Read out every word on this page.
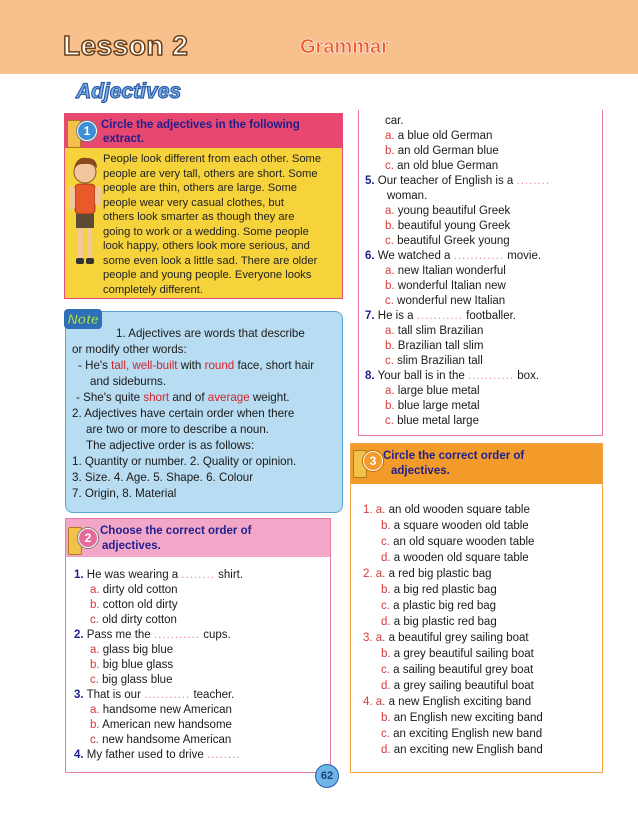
Lesson 2	Grammar
Adjectives
1 Circle the adjectives in the following
extract.
People look different from each other. Some
people are very tall, others are short. Some
people are thin, others are large. Some
people wear very casual clothes, but
others look smarter as though they are
going to work or a wedding. Some people
look happy, others look more serious, and
some even look a little sad. There are older
people and young people. Everyone looks
completely different.
Note
1. Adjectives are words that describe
or modify other words:
- He's tall, well-built with round face, short hair
and sideburns.
- She's quite short and of average weight.
2. Adjectives have certain order when there
are two or more to describe a noun.
The adjective order is as follows:
1. Quantity or number. 2. Quality or opinion.
3. Size. 4. Age. 5. Shape. 6. Colour
7. Origin, 8. Material
2 Choose the correct order of
adjectives.
1. He was wearing a ........ shirt.
a. dirty old cotton
b. cotton old dirty
c. old dirty cotton
2. Pass me the ........... cups.
a. glass big blue
b. big blue glass
c. big glass blue
3. That is our ........... teacher.
a. handsome new American
b. American new handsome
c. new handsome American
4. My father used to drive ........
car.
a. a blue old German
b. an old German blue
c. an old blue German
5. Our teacher of English is a ........
woman.
a. young beautiful Greek
b. beautiful young Greek
c. beautiful Greek young
6. We watched a ............ movie.
a. new Italian wonderful
b. wonderful Italian new
c. wonderful new Italian
7. He is a ........... footballer.
a. tall slim Brazilian
b. Brazilian tall slim
c. slim Brazilian tall
8. Your ball is in the ........... box.
a. large blue metal
b. blue large metal
c. blue metal large
3 Circle the correct order of
adjectives.
1. a. an old wooden square table
b. a square wooden old table
c. an old square wooden table
d. a wooden old square table
2. a. a red big plastic bag
b. a big red plastic bag
c. a plastic big red bag
d. a big plastic red bag
3. a. a beautiful grey sailing boat
b. a grey beautiful sailing boat
c. a sailing beautiful grey boat
d. a grey sailing beautiful boat
4. a. a new English exciting band
b. an English new exciting band
c. an exciting English new band
d. an exciting new English band
62
